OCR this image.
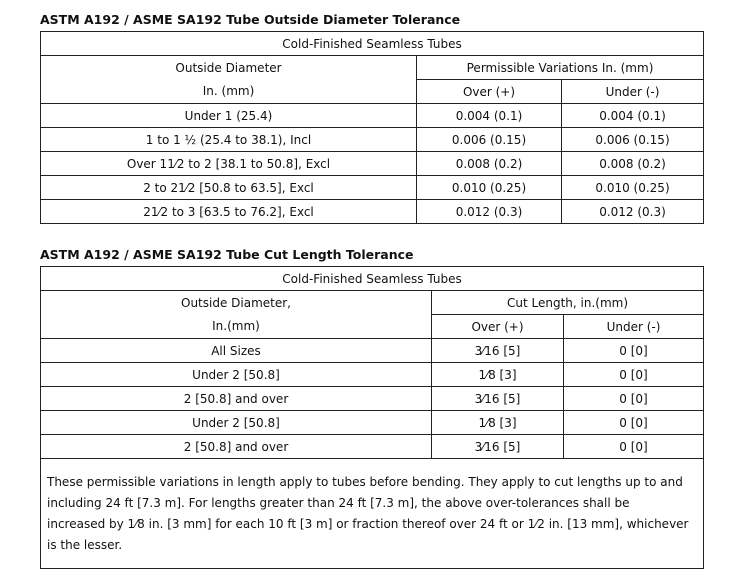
ASTM A192 / ASME SA192 Tube Outside Diameter Tolerance
Cold-Finished Seamless Tubes		
Outside Diameter	Permissible Variations In. (mm)	
In. (mm)	Over (+)	Under (-)
Under 1 (25.4)	0.004 (0.1)	0.004 (0.1)
1 to 1 ½ (25.4 to 38.1), Incl	0.006 (0.15)	0.006 (0.15)
Over 11⁄2 to 2 [38.1 to 50.8], Excl	0.008 (0.2)	0.008 (0.2)
2 to 21⁄2 [50.8 to 63.5], Excl	0.010 (0.25)	0.010 (0.25)
21⁄2 to 3 [63.5 to 76.2], Excl	0.012 (0.3)	0.012 (0.3)
ASTM A192 / ASME SA192 Tube Cut Length Tolerance
Cold-Finished Seamless Tubes		
Outside Diameter,	Cut Length, in.(mm)	
In.(mm)	Over (+)	Under (-)
All Sizes	3⁄16 [5]	0 [0]
Under 2 [50.8]	1⁄8 [3]	0 [0]
2 [50.8] and over	3⁄16 [5]	0 [0]
Under 2 [50.8]	1⁄8 [3]	0 [0]
2 [50.8] and over	3⁄16 [5]	0 [0]
These permissible variations in length apply to tubes before bending. They apply to cut lengths up to and including 24 ft [7.3 m]. For lengths greater than 24 ft [7.3 m], the above over-tolerances shall be increased by 1⁄8 in. [3 mm] for each 10 ft [3 m] or fraction thereof over 24 ft or 1⁄2 in. [13 mm], whichever is the lesser.		
